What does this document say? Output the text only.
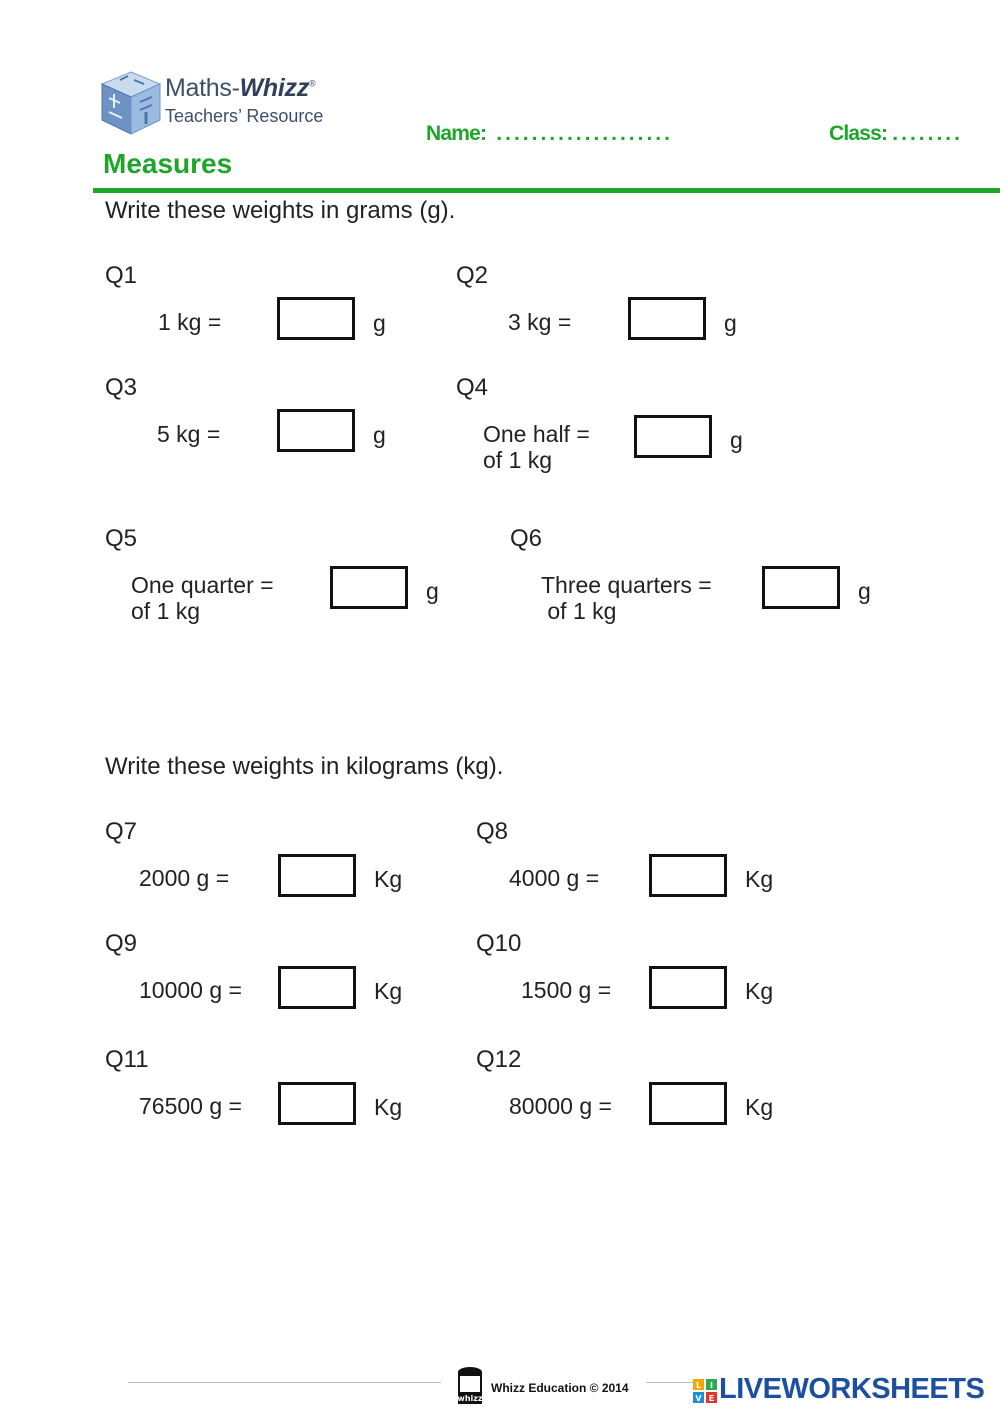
Maths-Whizz®
Teachers’ Resource
Name: ....................	Class: ........
Measures
Write these weights in grams (g).
Q1
1 kg =	g
Q2
3 kg =	g
Q3
5 kg =	g
Q4
One half =
of 1 kg
g
Q5
One quarter =
of 1 kg
g
Q6
Three quarters =
of 1 kg
g
Write these weights in kilograms (kg).
Q7
2000 g =	Kg
Q8
4000 g =	Kg
Q9
10000 g =	Kg
Q10
1500 g =	Kg
Q11
76500 g =	Kg
Q12
80000 g =	Kg
whizz
Whizz Education © 2014	L I
V E LIVEWORKSHEETS
